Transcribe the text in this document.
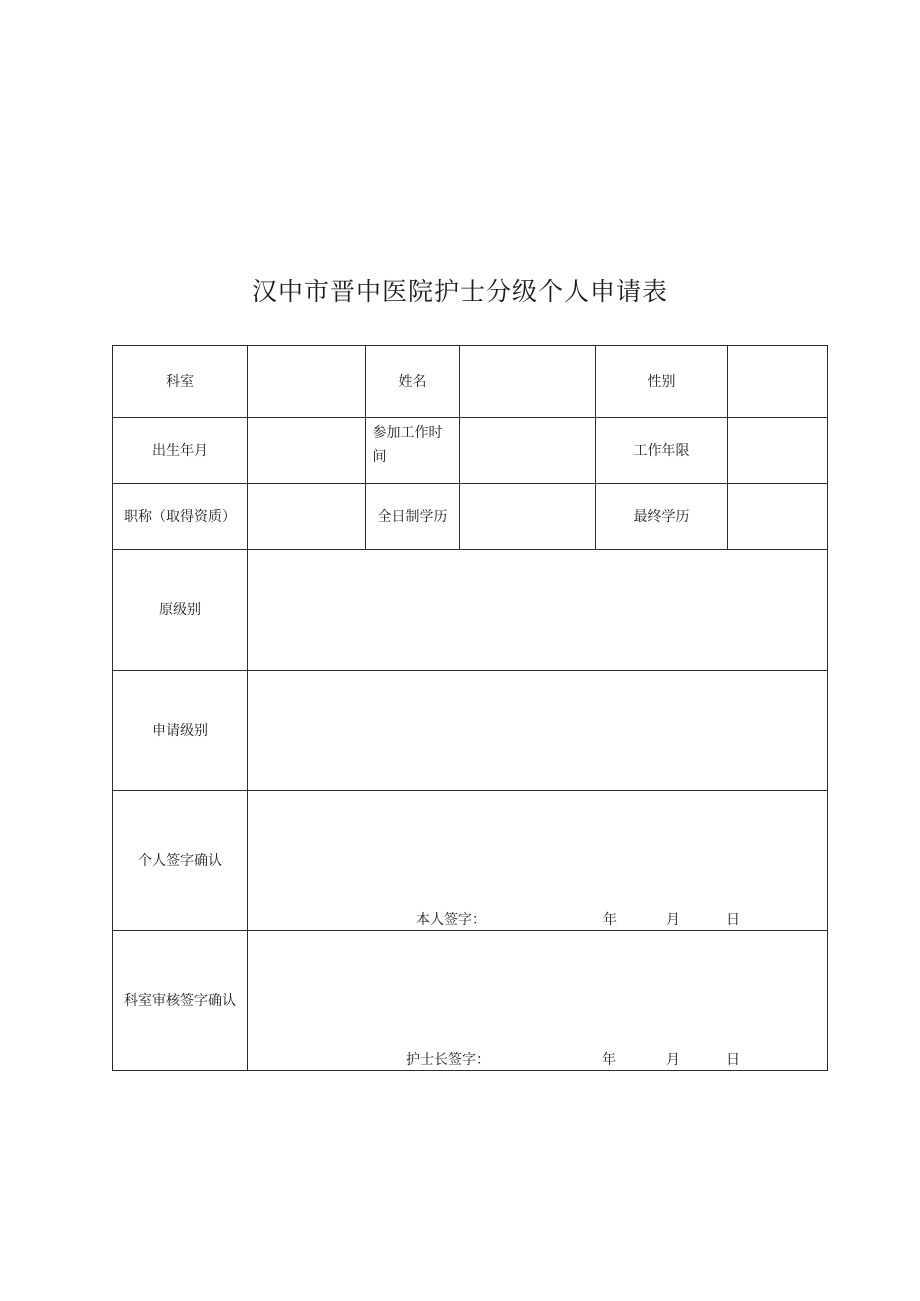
汉中市晋中医院护士分级个人申请表
科室		姓名		性别	
出生年月		参加工作时间		工作年限	
职称（取得资质）		全日制学历		最终学历	
原级别					
申请级别					
个人签字确认	本人签字： 年 月 日				

科室审核签字确认	护士长签字： 年 月 日				
